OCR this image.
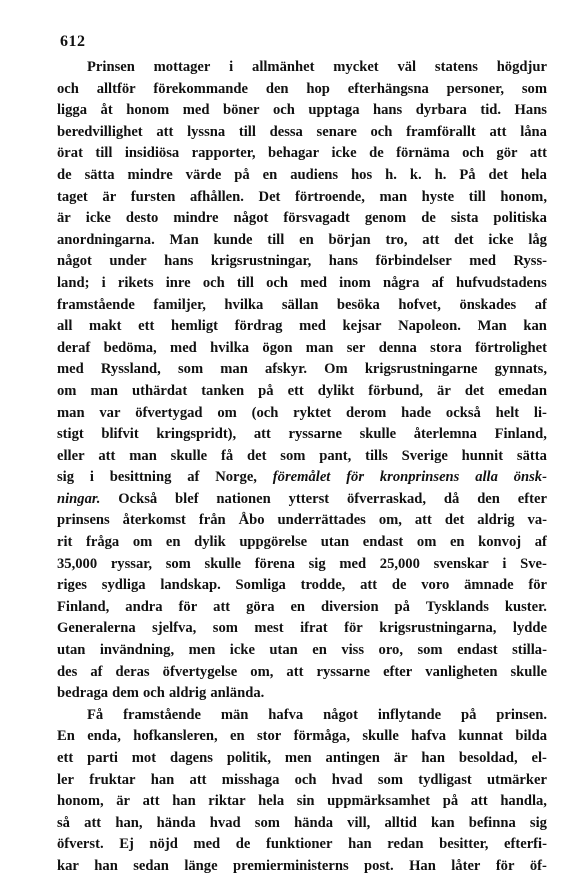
612
Prinsen mottager i allmänhet mycket väl statens högdjur
och alltför förekommande den hop efterhängsna personer, som
ligga åt honom med böner och upptaga hans dyrbara tid. Hans
beredvillighet att lyssna till dessa senare och framförallt att låna
örat till insidiösa rapporter, behagar icke de förnäma och gör att
de sätta mindre värde på en audiens hos h. k. h. På det hela
taget är fursten afhållen. Det förtroende, man hyste till honom,
är icke desto mindre något försvagadt genom de sista politiska
anordningarna. Man kunde till en början tro, att det icke låg
något under hans krigsrustningar, hans förbindelser med Ryss-
land; i rikets inre och till och med inom några af hufvudstadens
framstående familjer, hvilka sällan besöka hofvet, önskades af
all makt ett hemligt fördrag med kejsar Napoleon. Man kan
deraf bedöma, med hvilka ögon man ser denna stora förtrolighet
med Ryssland, som man afskyr. Om krigsrustningarne gynnats,
om man uthärdat tanken på ett dylikt förbund, är det emedan
man var öfvertygad om (och ryktet derom hade också helt li-
stigt blifvit kringspridt), att ryssarne skulle återlemna Finland,
eller att man skulle få det som pant, tills Sverige hunnit sätta
sig i besittning af Norge, föremålet för kronprinsens alla önsk-
ningar. Också blef nationen ytterst öfverraskad, då den efter
prinsens återkomst från Åbo underrättades om, att det aldrig va-
rit fråga om en dylik uppgörelse utan endast om en konvoj af
35,000 ryssar, som skulle förena sig med 25,000 svenskar i Sve-
riges sydliga landskap. Somliga trodde, att de voro ämnade för
Finland, andra för att göra en diversion på Tysklands kuster.
Generalerna sjelfva, som mest ifrat för krigsrustningarna, lydde
utan invändning, men icke utan en viss oro, som endast stilla-
des af deras öfvertygelse om, att ryssarne efter vanligheten skulle
bedraga dem och aldrig anlända.
Få framstående män hafva något inflytande på prinsen.
En enda, hofkansleren, en stor förmåga, skulle hafva kunnat bilda
ett parti mot dagens politik, men antingen är han besoldad, el-
ler fruktar han att misshaga och hvad som tydligast utmärker
honom, är att han riktar hela sin uppmärksamhet på att handla,
så att han, hända hvad som hända vill, alltid kan befinna sig
öfverst. Ej nöjd med de funktioner han redan besitter, efterfi-
kar han sedan länge premierministerns post. Han låter för öf-
